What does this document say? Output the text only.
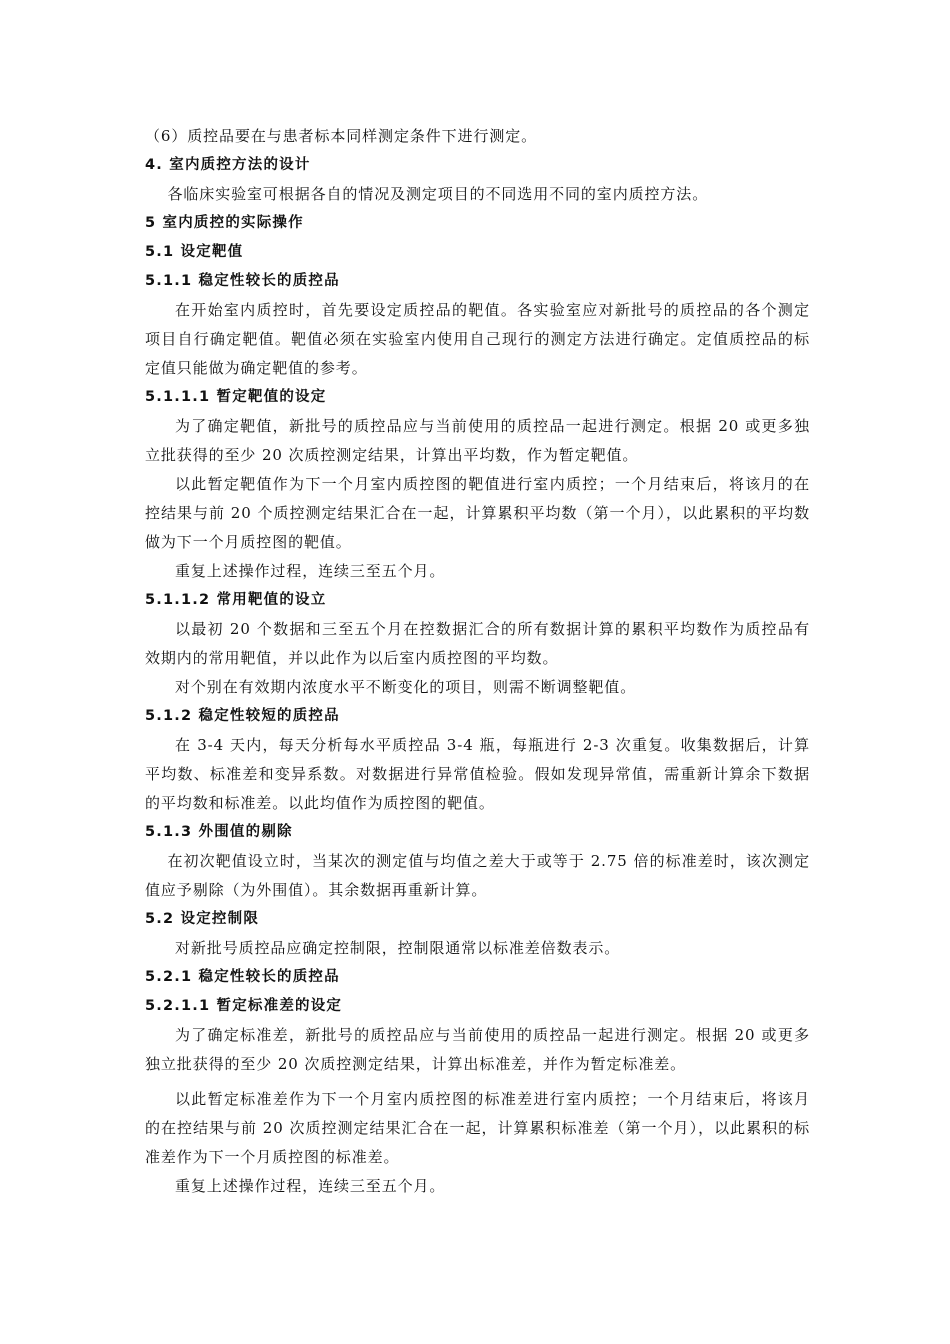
（6）质控品要在与患者标本同样测定条件下进行测定。
4. 室内质控方法的设计
各临床实验室可根据各自的情况及测定项目的不同选用不同的室内质控方法。
5 室内质控的实际操作
5.1 设定靶值
5.1.1 稳定性较长的质控品
在开始室内质控时，首先要设定质控品的靶值。各实验室应对新批号的质控品的各个测定项目自行确定靶值。靶值必须在实验室内使用自己现行的测定方法进行确定。定值质控品的标定值只能做为确定靶值的参考。
5.1.1.1 暂定靶值的设定
为了确定靶值，新批号的质控品应与当前使用的质控品一起进行测定。根据 20 或更多独立批获得的至少 20 次质控测定结果，计算出平均数，作为暂定靶值。
以此暂定靶值作为下一个月室内质控图的靶值进行室内质控；一个月结束后，将该月的在控结果与前 20 个质控测定结果汇合在一起，计算累积平均数（第一个月），以此累积的平均数做为下一个月质控图的靶值。
重复上述操作过程，连续三至五个月。
5.1.1.2 常用靶值的设立
以最初 20 个数据和三至五个月在控数据汇合的所有数据计算的累积平均数作为质控品有效期内的常用靶值，并以此作为以后室内质控图的平均数。
对个别在有效期内浓度水平不断变化的项目，则需不断调整靶值。
5.1.2 稳定性较短的质控品
在 3-4 天内，每天分析每水平质控品 3-4 瓶，每瓶进行 2-3 次重复。收集数据后，计算平均数、标准差和变异系数。对数据进行异常值检验。假如发现异常值，需重新计算余下数据的平均数和标准差。以此均值作为质控图的靶值。
5.1.3 外围值的剔除
在初次靶值设立时，当某次的测定值与均值之差大于或等于 2.75 倍的标准差时，该次测定值应予剔除（为外围值）。其余数据再重新计算。
5.2 设定控制限
对新批号质控品应确定控制限，控制限通常以标准差倍数表示。
5.2.1 稳定性较长的质控品
5.2.1.1 暂定标准差的设定
为了确定标准差，新批号的质控品应与当前使用的质控品一起进行测定。根据 20 或更多独立批获得的至少 20 次质控测定结果，计算出标准差，并作为暂定标准差。
以此暂定标准差作为下一个月室内质控图的标准差进行室内质控；一个月结束后，将该月的在控结果与前 20 次质控测定结果汇合在一起，计算累积标准差（第一个月），以此累积的标准差作为下一个月质控图的标准差。
重复上述操作过程，连续三至五个月。
